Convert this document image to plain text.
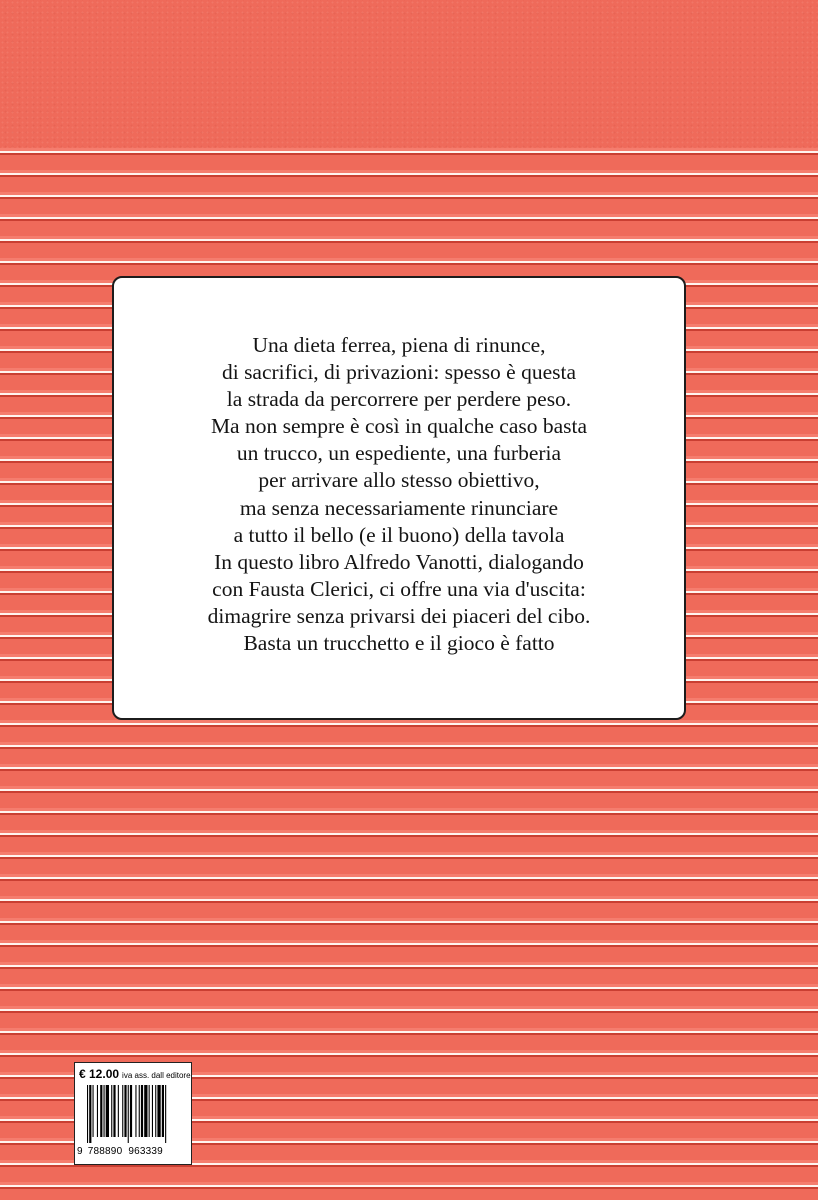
Una dieta ferrea, piena di rinunce,
di sacrifici, di privazioni: spesso è questa
la strada da percorrere per perdere peso.
Ma non sempre è così in qualche caso basta
un trucco, un espediente, una furberia
per arrivare allo stesso obiettivo,
ma senza necessariamente rinunciare
a tutto il bello (e il buono) della tavola
In questo libro Alfredo Vanotti, dialogando
con Fausta Clerici, ci offre una via d'uscita:
dimagrire senza privarsi dei piaceri del cibo.
Basta un trucchetto e il gioco è fatto

€ 12.00 iva ass. dall editore
9 788890 963339
